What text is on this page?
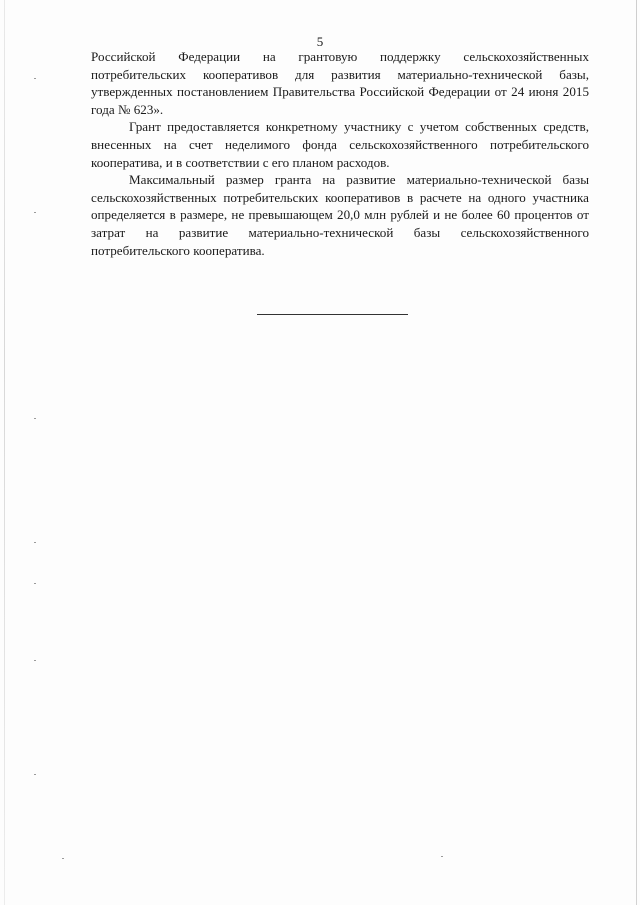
5

Российской Федерации на грантовую поддержку сельскохозяйственных потребительских кооперативов для развития материально-технической базы, утвержденных постановлением Правительства Российской Федерации от 24 июня 2015 года № 623».

Грант предоставляется конкретному участнику с учетом собственных средств, внесенных на счет неделимого фонда сельскохозяйственного потребительского кооператива, и в соответствии с его планом расходов.

Максимальный размер гранта на развитие материально-технической базы сельскохозяйственных потребительских кооперативов в расчете на одного участника определяется в размере, не превышающем 20,0 млн рублей и не более 60 процентов от затрат на развитие материально-технической базы сельскохозяйственного потребительского кооператива.
